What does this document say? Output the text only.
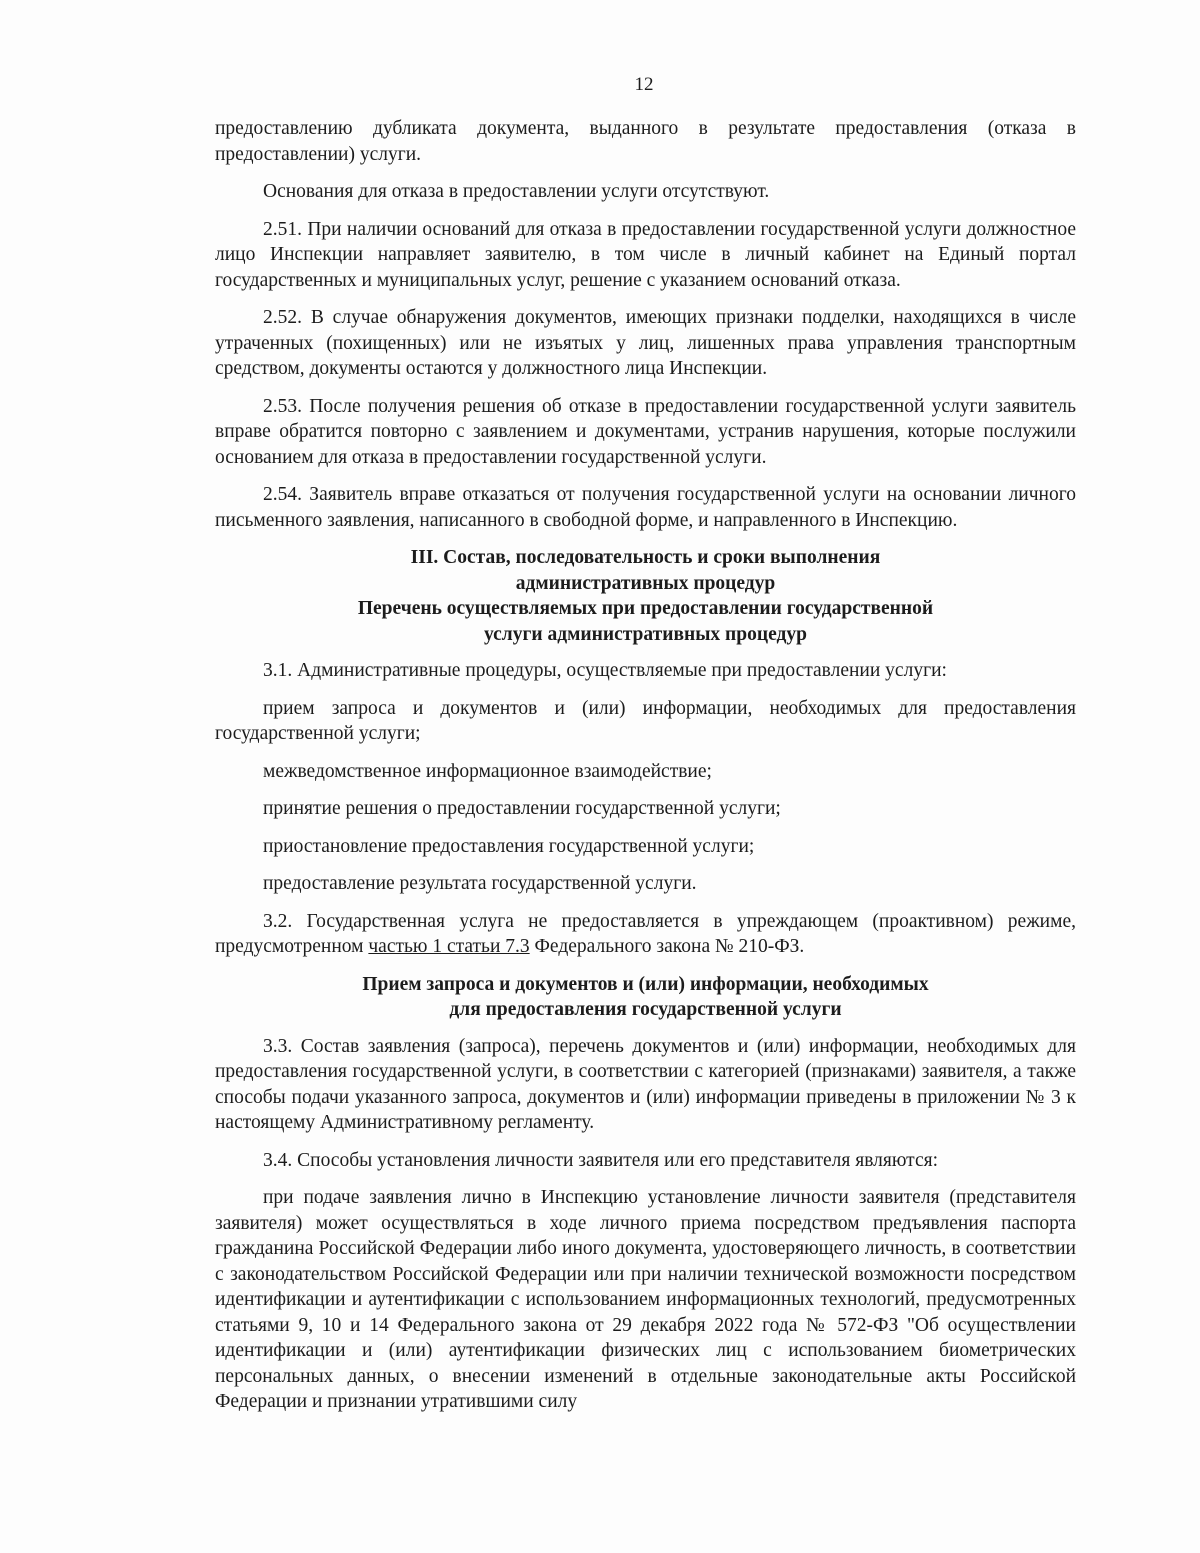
12

предоставлению дубликата документа, выданного в результате предоставления (отказа в предоставлении) услуги.

Основания для отказа в предоставлении услуги отсутствуют.

2.51. При наличии оснований для отказа в предоставлении государственной услуги должностное лицо Инспекции направляет заявителю, в том числе в личный кабинет на Единый портал государственных и муниципальных услуг, решение с указанием оснований отказа.

2.52. В случае обнаружения документов, имеющих признаки подделки, находящихся в числе утраченных (похищенных) или не изъятых у лиц, лишенных права управления транспортным средством, документы остаются у должностного лица Инспекции.

2.53. После получения решения об отказе в предоставлении государственной услуги заявитель вправе обратится повторно с заявлением и документами, устранив нарушения, которые послужили основанием для отказа в предоставлении государственной услуги.

2.54. Заявитель вправе отказаться от получения государственной услуги на основании личного письменного заявления, написанного в свободной форме, и направленного в Инспекцию.

III. Состав, последовательность и сроки выполнения
административных процедур
Перечень осуществляемых при предоставлении государственной
услуги административных процедур

3.1. Административные процедуры, осуществляемые при предоставлении услуги:

прием запроса и документов и (или) информации, необходимых для предоставления государственной услуги;

межведомственное информационное взаимодействие;

принятие решения о предоставлении государственной услуги;

приостановление предоставления государственной услуги;

предоставление результата государственной услуги.

3.2. Государственная услуга не предоставляется в упреждающем (проактивном) режиме, предусмотренном частью 1 статьи 7.3 Федерального закона № 210-ФЗ.

Прием запроса и документов и (или) информации, необходимых
для предоставления государственной услуги

3.3. Состав заявления (запроса), перечень документов и (или) информации, необходимых для предоставления государственной услуги, в соответствии с категорией (признаками) заявителя, а также способы подачи указанного запроса, документов и (или) информации приведены в приложении № 3 к настоящему Административному регламенту.

3.4. Способы установления личности заявителя или его представителя являются:

при подаче заявления лично в Инспекцию установление личности заявителя (представителя заявителя) может осуществляться в ходе личного приема посредством предъявления паспорта гражданина Российской Федерации либо иного документа, удостоверяющего личность, в соответствии с законодательством Российской Федерации или при наличии технической возможности посредством идентификации и аутентификации с использованием информационных технологий, предусмотренных статьями 9, 10 и 14 Федерального закона от 29 декабря 2022 года № 572-ФЗ "Об осуществлении идентификации и (или) аутентификации физических лиц с использованием биометрических персональных данных, о внесении изменений в отдельные законодательные акты Российской Федерации и признании утратившими силу
